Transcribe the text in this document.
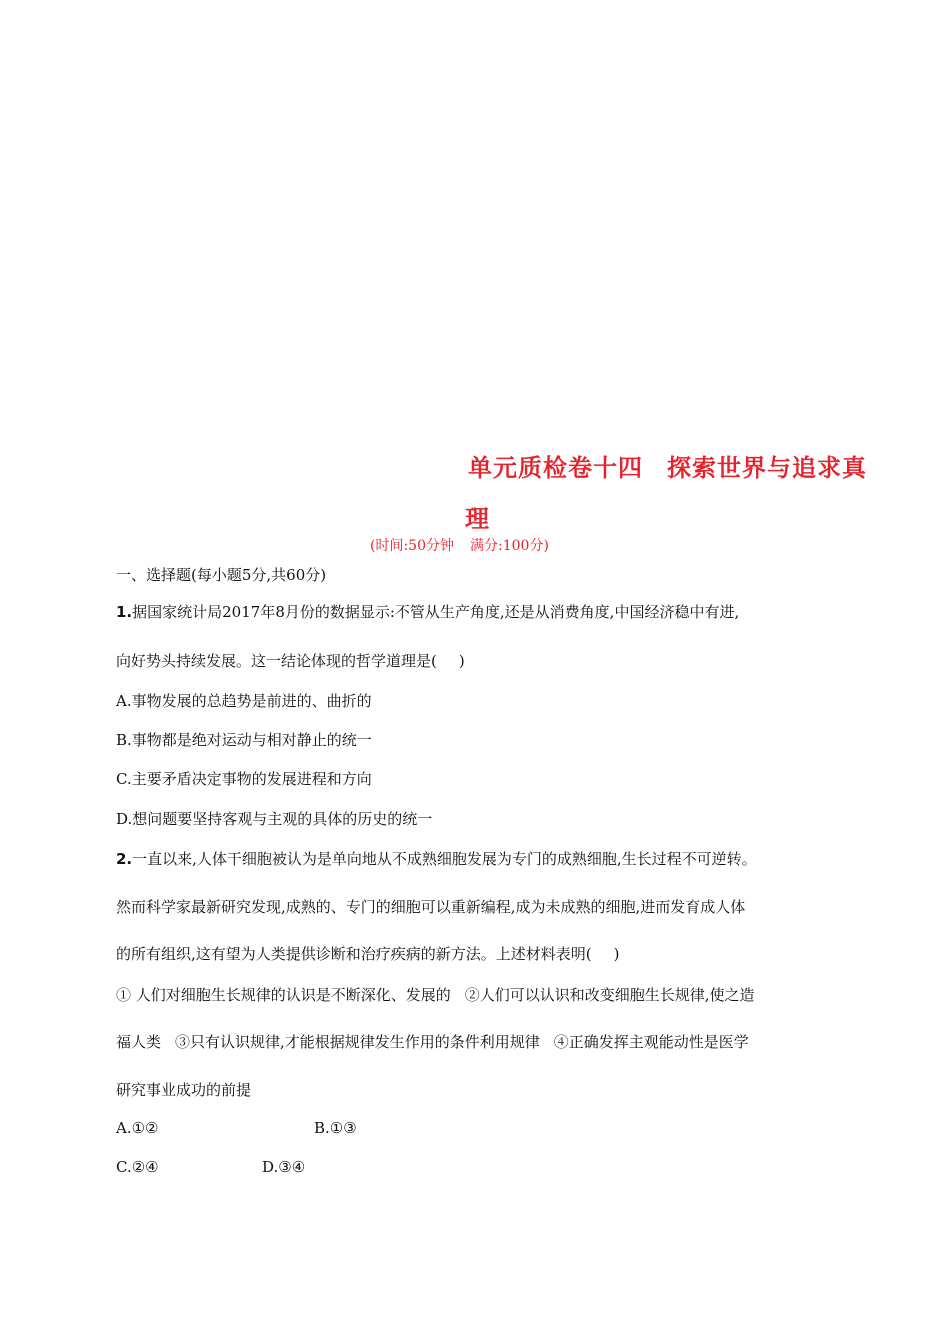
单元质检卷十四 探索世界与追求真
理
(时间:50分钟 满分:100分)
一、选择题(每小题5分,共60分)
1.据国家统计局2017年8月份的数据显示:不管从生产角度,还是从消费角度,中国经济稳中有进,
向好势头持续发展。这一结论体现的哲学道理是( )
A.事物发展的总趋势是前进的、曲折的
B.事物都是绝对运动与相对静止的统一
C.主要矛盾决定事物的发展进程和方向
D.想问题要坚持客观与主观的具体的历史的统一
2.一直以来,人体干细胞被认为是单向地从不成熟细胞发展为专门的成熟细胞,生长过程不可逆转。
然而科学家最新研究发现,成熟的、专门的细胞可以重新编程,成为未成熟的细胞,进而发育成人体
的所有组织,这有望为人类提供诊断和治疗疾病的新方法。上述材料表明( )
① 人们对细胞生长规律的认识是不断深化、发展的 ②人们可以认识和改变细胞生长规律,使之造
福人类 ③只有认识规律,才能根据规律发生作用的条件利用规律 ④正确发挥主观能动性是医学
研究事业成功的前提
A.①②	B.①③
C.②④	D.③④
